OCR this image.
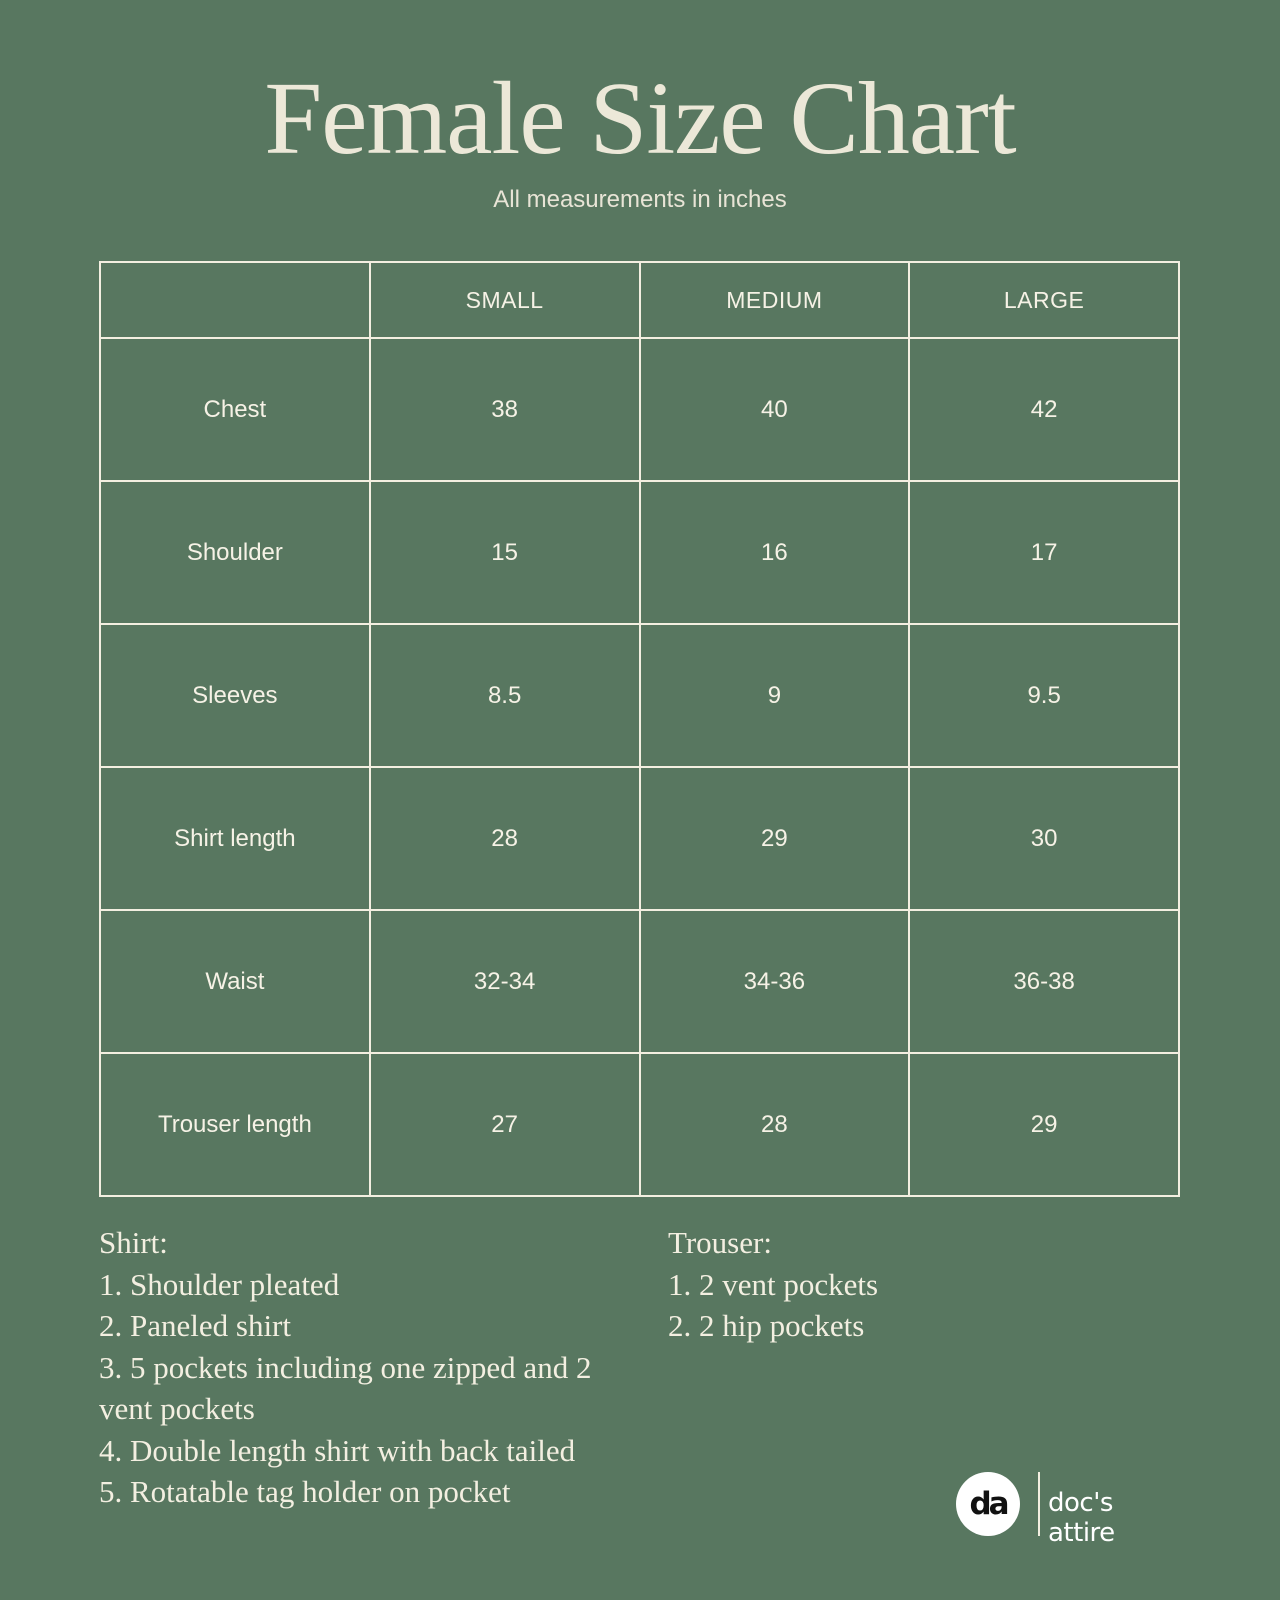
Female Size Chart
All measurements in inches
	SMALL	MEDIUM	LARGE
Chest	38	40	42
Shoulder	15	16	17
Sleeves	8.5	9	9.5
Shirt length	28	29	30
Waist	32-34	34-36	36-38
Trouser length	27	28	29
Shirt:
1. Shoulder pleated
2. Paneled shirt
3. 5 pockets including one zipped and 2 vent pockets
4. Double length shirt with back tailed
5. Rotatable tag holder on pocket
Trouser:
1. 2 vent pockets
2. 2 hip pockets
da doc's attire
